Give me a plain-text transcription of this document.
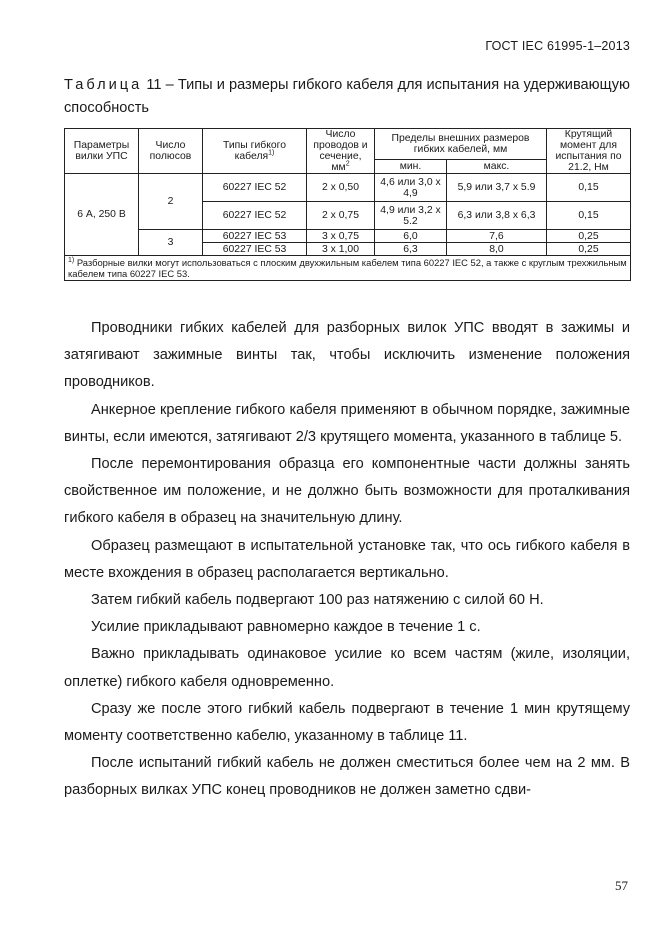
ГОСТ IEC 61995-1–2013
Таблица 11 – Типы и размеры гибкого кабеля для испытания на удерживающую способность
Параметры вилки УПС	Число полюсов	Типы гибкого кабеля$^{1)}$	Число проводов и сечение, $мм^2$	Пределы внешних размеров гибких кабелей, мм		Крутящий момент для испытания по 21.2, Нм
				мин.	макс.	
6 А, 250 В	2	60227 IEC 52	2 x 0,50	4,6 или 3,0 x 4,9	5,9 или 3,7 x 5.9	0,15
		60227 IEC 52	2 x 0,75	4,9 или 3,2 x 5.2	6,3 или 3,8 x 6,3	0,15
	3	60227 IEC 53	3 x 0,75	6,0	7,6	0,25
		60227 IEC 53	3 x 1,00	6,3	8,0	0,25
$^{1)}$ Разборные вилки могут использоваться с плоским двухжильным кабелем типа 60227 IEC 52, а также с круглым трехжильным кабелем типа 60227 IEC 53.						

Проводники гибких кабелей для разборных вилок УПС вводят в зажимы и затягивают зажимные винты так, чтобы исключить изменение положения проводников.

Анкерное крепление гибкого кабеля применяют в обычном порядке, зажимные винты, если имеются, затягивают 2/3 крутящего момента, указанного в таблице 5.

После перемонтирования образца его компонентные части должны занять свойственное им положение, и не должно быть возможности для проталкивания гибкого кабеля в образец на значительную длину.

Образец размещают в испытательной установке так, что ось гибкого кабеля в месте вхождения в образец располагается вертикально.

Затем гибкий кабель подвергают 100 раз натяжению с силой 60 Н.

Усилие прикладывают равномерно каждое в течение 1 с.

Важно прикладывать одинаковое усилие ко всем частям (жиле, изоляции, оплетке) гибкого кабеля одновременно.

Сразу же после этого гибкий кабель подвергают в течение 1 мин крутящему моменту соответственно кабелю, указанному в таблице 11.

После испытаний гибкий кабель не должен сместиться более чем на 2 мм. В разборных вилках УПС конец проводников не должен заметно сдви-

57
